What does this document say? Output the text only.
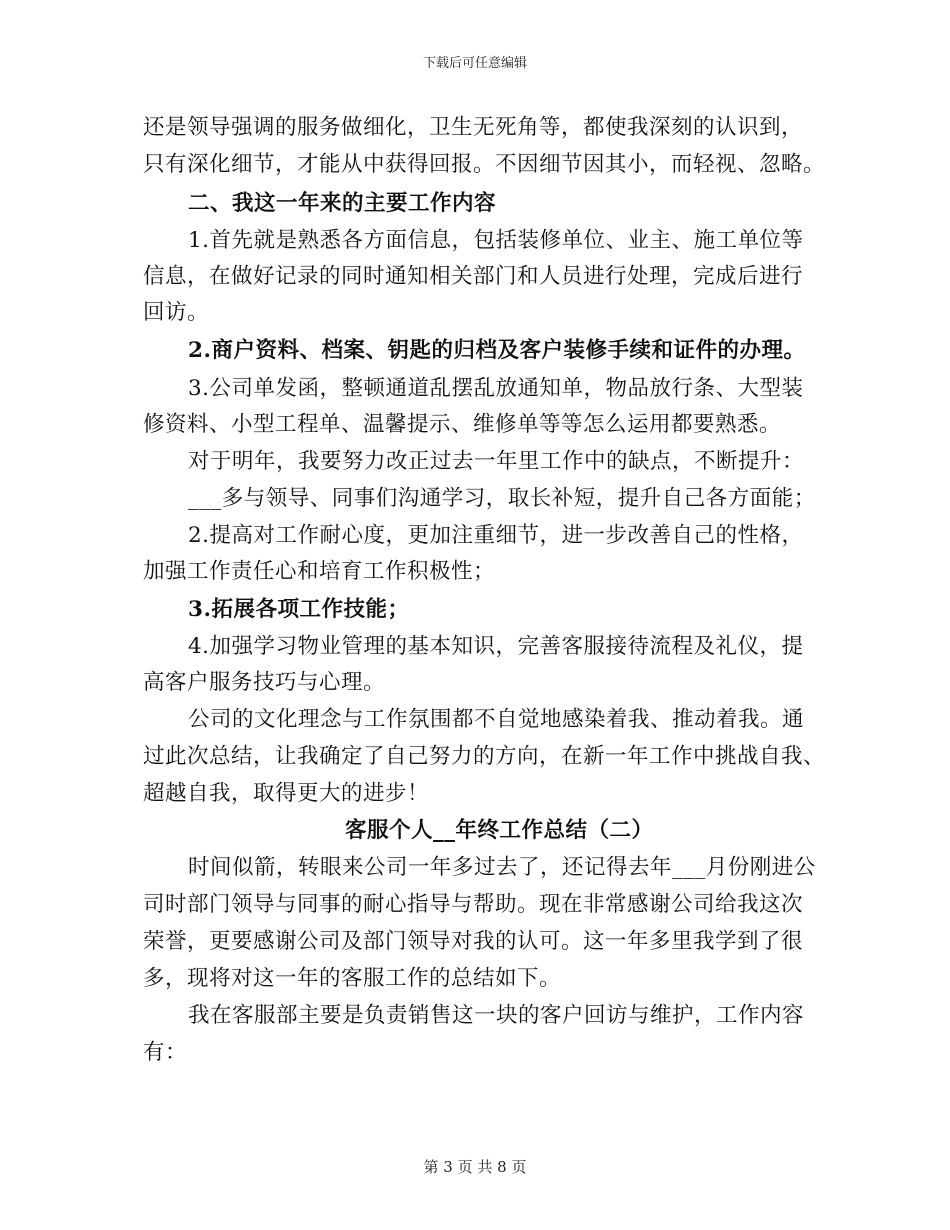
下载后可任意编辑
还是领导强调的服务做细化，卫生无死角等，都使我深刻的认识到，
只有深化细节，才能从中获得回报。不因细节因其小，而轻视、忽略。
二、我这一年来的主要工作内容
1.首先就是熟悉各方面信息，包括装修单位、业主、施工单位等
信息，在做好记录的同时通知相关部门和人员进行处理，完成后进行
回访。
2.商户资料、档案、钥匙的归档及客户装修手续和证件的办理。
3.公司单发函，整顿通道乱摆乱放通知单，物品放行条、大型装
修资料、小型工程单、温馨提示、维修单等等怎么运用都要熟悉。
对于明年，我要努力改正过去一年里工作中的缺点，不断提升：
___多与领导、同事们沟通学习，取长补短，提升自己各方面能；
2.提高对工作耐心度，更加注重细节，进一步改善自己的性格，
加强工作责任心和培育工作积极性；
3.拓展各项工作技能；
4.加强学习物业管理的基本知识，完善客服接待流程及礼仪，提
高客户服务技巧与心理。
公司的文化理念与工作氛围都不自觉地感染着我、推动着我。通
过此次总结，让我确定了自己努力的方向，在新一年工作中挑战自我、
超越自我，取得更大的进步！
客服个人__年终工作总结（二）
时间似箭，转眼来公司一年多过去了，还记得去年___月份刚进公
司时部门领导与同事的耐心指导与帮助。现在非常感谢公司给我这次
荣誉，更要感谢公司及部门领导对我的认可。这一年多里我学到了很
多，现将对这一年的客服工作的总结如下。
我在客服部主要是负责销售这一块的客户回访与维护，工作内容
有：
第 3 页 共 8 页
